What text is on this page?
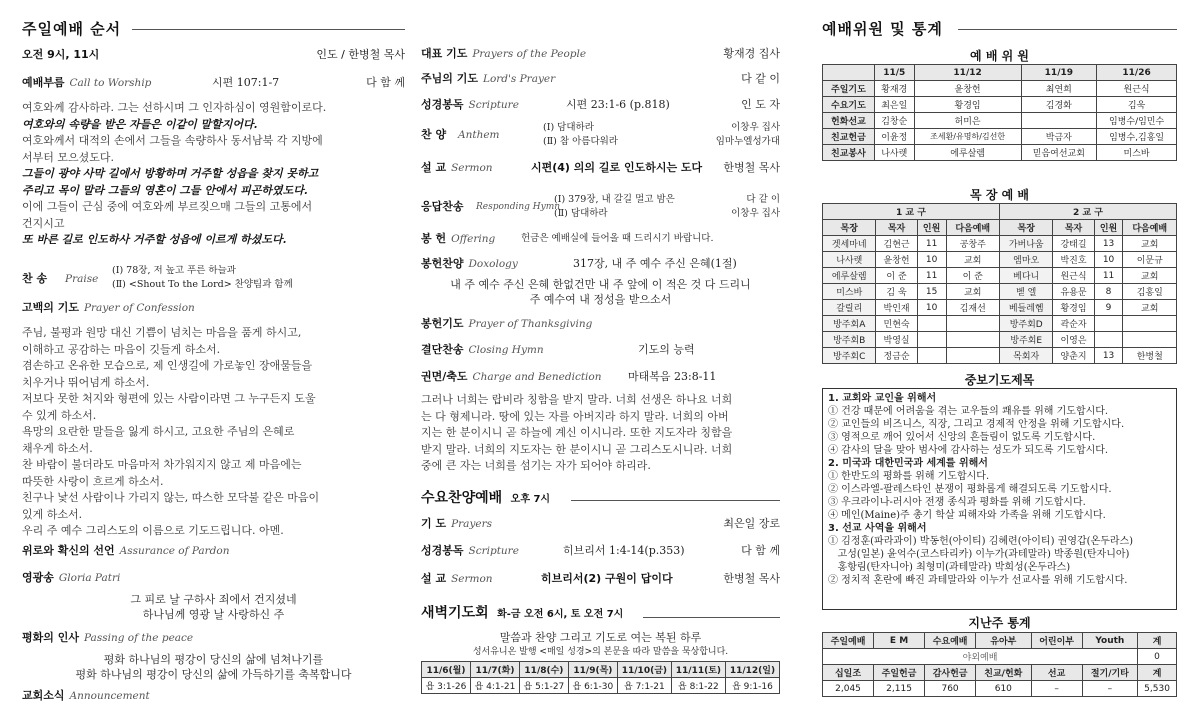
주일예배 순서
오전 9시, 11시	인도 / 한병철 목사
예배부름 Call to Worship	시편 107:1-7	다 함 께
여호와께 감사하라. 그는 선하시며 그 인자하심이 영원함이로다.
여호와의 속량을 받은 자들은 이같이 말할지어다.
여호와께서 대적의 손에서 그들을 속량하사 동서남북 각 지방에
서부터 모으셨도다.
그들이 광야 사막 길에서 방황하며 거주할 성읍을 찾지 못하고
주리고 목이 말라 그들의 영혼이 그들 안에서 피곤하였도다.
이에 그들이 근심 중에 여호와께 부르짖으매 그들의 고통에서
건지시고
또 바른 길로 인도하사 거주할 성읍에 이르게 하셨도다.
찬 송 Praise
(Ⅰ) 78장, 저 높고 푸른 하늘과
(Ⅱ) <Shout To the Lord> 찬양팀과 함께
고백의 기도 Prayer of Confession
주님, 불평과 원망 대신 기쁨이 넘치는 마음을 품게 하시고,
이해하고 공감하는 마음이 깃들게 하소서.
겸손하고 온유한 모습으로, 제 인생길에 가로놓인 장애물들을
치우거나 뛰어넘게 하소서.
저보다 못한 처지와 형편에 있는 사람이라면 그 누구든지 도울
수 있게 하소서.
욕망의 요란한 말들을 잃게 하시고, 고요한 주님의 은혜로
채우게 하소서.
찬 바람이 불더라도 마음마저 차가워지지 않고 제 마음에는
따뜻한 사랑이 흐르게 하소서.
친구나 낯선 사람이나 가리지 않는, 따스한 모닥불 같은 마음이
있게 하소서.
우리 주 예수 그리스도의 이름으로 기도드립니다. 아멘.
위로와 확신의 선언 Assurance of Pardon
영광송 Gloria Patri
그 피로 날 구하사 죄에서 건지셨네
하나님께 영광 날 사랑하신 주
평화의 인사 Passing of the peace
평화 하나님의 평강이 당신의 삶에 넘쳐나기를
평화 하나님의 평강이 당신의 삶에 가득하기를 축복합니다
교회소식 Announcement
대표 기도 Prayers of the People	황재경 집사
주님의 기도 Lord's Prayer	다 같 이
성경봉독 Scripture	시편 23:1-6 (p.818)	인 도 자
찬 양 Anthem
(Ⅰ) 담대하라
(Ⅱ) 참 아름다워라
이창우 집사
임마누엘성가대
설 교 Sermon	시편(4) 의의 길로 인도하시는 도다 한병철 목사
응답찬송 Responding Hymn
(Ⅰ) 379장, 내 갈길 멀고 밤은
(Ⅱ) 담대하라
다 같 이
이창우 집사
봉 헌 Offering	헌금은 예배실에 들어올 때 드리시기 바랍니다.
봉헌찬양 Doxology	317장, 내 주 예수 주신 은혜(1절)
내 주 예수 주신 은혜 한없건만 내 주 앞에 이 적은 것 다 드리니
주 예수여 내 정성을 받으소서
봉헌기도 Prayer of Thanksgiving
결단찬송 Closing Hymn	기도의 능력
권면/축도 Charge and Benediction 마태복음 23:8-11
그러나 너희는 랍비라 칭함을 받지 말라. 너희 선생은 하나요 너희
는 다 형제니라. 땅에 있는 자를 아버지라 하지 말라. 너희의 아버
지는 한 분이시니 곧 하늘에 계신 이시니라. 또한 지도자라 칭함을
받지 말라. 너희의 지도자는 한 분이시니 곧 그리스도시니라. 너희
중에 큰 자는 너희를 섬기는 자가 되어야 하리라.
수요찬양예배 오후 7시
기 도 Prayers	최은일 장로
성경봉독 Scripture	히브리서 1:4-14(p.353)	다 함 께
설 교 Sermon	히브리서(2) 구원이 답이다	한병철 목사
새벽기도회 화-금 오전 6시, 토 오전 7시
말씀과 찬양 그리고 기도로 여는 복된 하루
성서유니온 발행 <매일 성경>의 본문을 따라 말씀을 묵상합니다.
11/6(월)	11/7(화)	11/8(수)	11/9(목)	11/10(금)	11/11(토)	11/12(일)
욥 3:1-26	욥 4:1-21	욥 5:1-27	욥 6:1-30	욥 7:1-21	욥 8:1-22	욥 9:1-16
예배위원 및 통계
예 배 위 원
	11/5	11/12	11/19	11/26
주일기도	황재경	윤창헌	최연희	원근식
수요기도	최은일	황경임	김경화	김욱
헌화선교	김창순	허미은		임병수/임민수
친교헌금	이윤정	조세환/유명하/김선한	박금자	임병수,김홍일
친교봉사	나사렛	에루살렘	믿음여선교회	미스바
목 장 예 배
1 교 구				2 교 구			
목장	목자	인원	다음예배	목장	목자	인원	다음예배
겟세마네	김현근	11	공창주	가버나움	강태길	13	교회
나사렛	윤창헌	10	교회	엠마오	박진호	10	이문규
에루살렘	이 준	11	이 준	베다니	원근식	11	교회
미스바	김 욱	15	교회	벧 엘	유용문	8	김홍일
갈릴리	박인재	10	김재선	베들레헴	황경임	9	교회
방주회A	민현숙			방주회D	곽순자		
방주회B	박영실			방주회E	이영은		
방주회C	정금순			목회자	양춘지	13	한병철
중보기도제목
1. 교회와 교인을 위해서
① 건강 때문에 어려움을 겪는 교우들의 쾌유를 위해 기도합시다.
② 교인들의 비즈니스, 직장, 그리고 경제적 안정을 위해 기도합시다.
③ 영적으로 깨어 있어서 신앙의 흔들림이 없도록 기도합시다.
④ 감사의 달을 맞아 범사에 감사하는 성도가 되도록 기도합시다.
2. 미국과 대한민국과 세계를 위해서
① 한반도의 평화를 위해 기도합시다.
② 이스라엘-팔레스타인 분쟁이 평화롭게 해결되도록 기도합시다.
③ 우크라이나-러시아 전쟁 종식과 평화를 위해 기도합시다.
④ 메인(Maine)주 총기 학살 피해자와 가족을 위해 기도합시다.
3. 선교 사역을 위해서
① 김정훈(파라과이) 박동헌(아이티) 김혜련(아이티) 권영갑(온두라스)
고성(일본) 윤억수(코스타리카) 이누가(과테말라) 박종원(탄자니아)
홍항림(탄자니아) 최형미(과테말라) 박희성(온두라스)
② 정치적 혼란에 빠진 과테말라와 이누가 선교사를 위해 기도합시다.
지난주 통계
주일예배	E M	수요예배	유아부	어린이부	Youth	계
야외예배						0
십일조	주일헌금	감사헌금	친교/헌화	선교	절기/기타	계
2,045	2,115	760	610	–	–	5,530
